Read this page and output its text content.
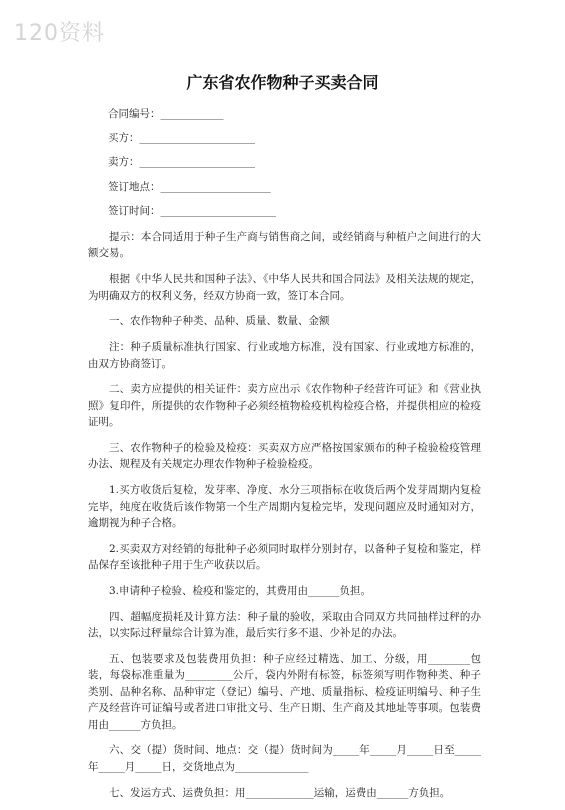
120资料
广东省农作物种子买卖合同
合同编号：____________
买方：______________________
卖方：______________________
签订地点：_____________________
签订时间：______________________

提示：本合同适用于种子生产商与销售商之间，或经销商与种植户之间进行的大额交易。

根据《中华人民共和国种子法》、《中华人民共和国合同法》及相关法规的规定，为明确双方的权利义务，经双方协商一致，签订本合同。

一、农作物种子种类、品种、质量、数量、金额

注：种子质量标准执行国家、行业或地方标准，没有国家、行业或地方标准的，由双方协商签订。

二、卖方应提供的相关证件：卖方应出示《农作物种子经营许可证》和《营业执照》复印件，所提供的农作物种子必须经植物检疫机构检疫合格，并提供相应的检疫证明。

三、农作物种子的检验及检疫：买卖双方应严格按国家颁布的种子检验检疫管理办法、规程及有关规定办理农作物种子检验检疫。

1.买方收货后复检，发芽率、净度、水分三项指标在收货后两个发芽周期内复检完毕，纯度在收货后该作物第一个生产周期内复检完毕，发现问题应及时通知对方，逾期视为种子合格。

2.买卖双方对经销的每批种子必须同时取样分别封存，以备种子复检和鉴定，样品保存至该批种子用于生产收获以后。

3.申请种子检验、检疫和鉴定的，其费用由______负担。

四、超幅度损耗及计算方法：种子量的验收，采取由合同双方共同抽样过秤的办法，以实际过秤量综合计算为准，最后实行多不退、少补足的办法。

五、包装要求及包装费用负担：种子应经过精选、加工、分级，用________包装，每袋标准重量为_________公斤，袋内外附有标签，标签须写明作物种类、种子类别、品种名称、品种审定（登记）编号、产地、质量指标、检疫证明编号、种子生产及经营许可证编号或者进口审批文号、生产日期、生产商及其地址等事项。包装费用由______方负担。

六、交（提）货时间、地点：交（提）货时间为_____年_____月_____日至_____年_____月_____日，交货地点为______________

七、发运方式、运费负担：用_____________运输，运费由______方负担。
